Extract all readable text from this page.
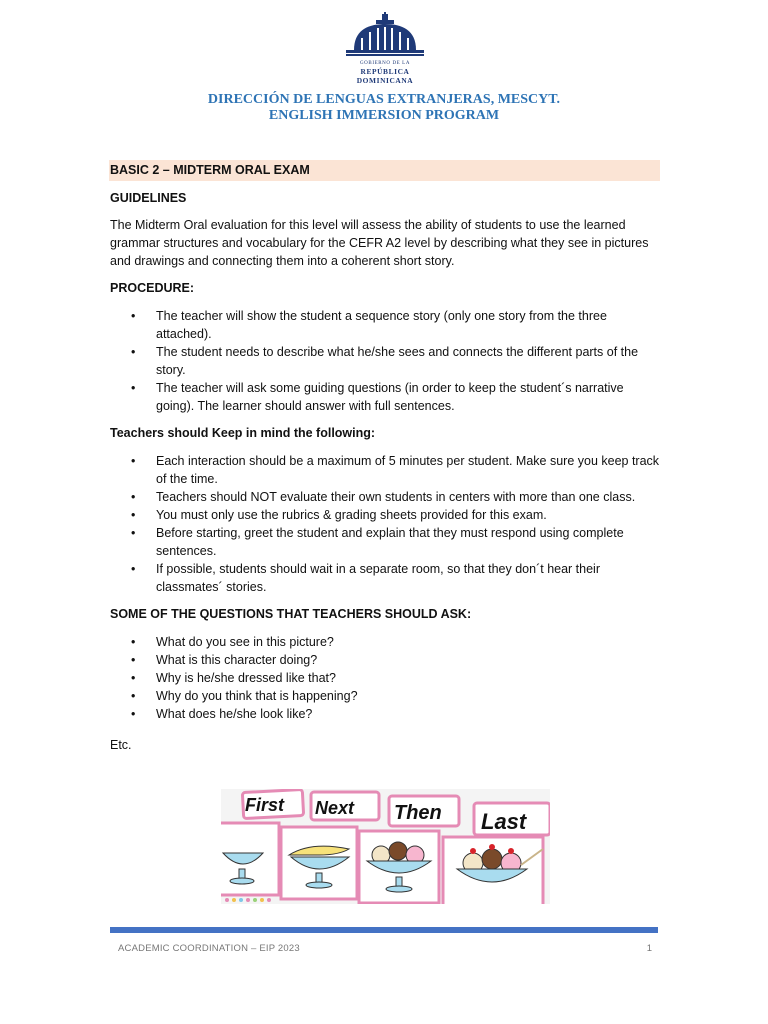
GOBIERNO DE LA
REPÚBLICA DOMINICANA
DIRECCIÓN DE LENGUAS EXTRANJERAS, MESCYT.
ENGLISH IMMERSION PROGRAM
BASIC 2 – MIDTERM ORAL EXAM
GUIDELINES
The Midterm Oral evaluation for this level will assess the ability of students to use the learned grammar structures and vocabulary for the CEFR A2 level by describing what they see in pictures and drawings and connecting them into a coherent short story.
PROCEDURE:
• The teacher will show the student a sequence story (only one story from the three attached).
• The student needs to describe what he/she sees and connects the different parts of the story.
• The teacher will ask some guiding questions (in order to keep the student´s narrative going). The learner should answer with full sentences.
Teachers should Keep in mind the following:
• Each interaction should be a maximum of 5 minutes per student. Make sure you keep track of the time.
• Teachers should NOT evaluate their own students in centers with more than one class.
• You must only use the rubrics & grading sheets provided for this exam.
• Before starting, greet the student and explain that they must respond using complete sentences.
• If possible, students should wait in a separate room, so that they don´t hear their classmates´ stories.
SOME OF THE QUESTIONS THAT TEACHERS SHOULD ASK:
• What do you see in this picture?
• What is this character doing?
• Why is he/she dressed like that?
• Why do you think that is happening?
• What does he/she look like?
Etc.
First Next Then Last
ACADEMIC COORDINATION – EIP 2023	1
